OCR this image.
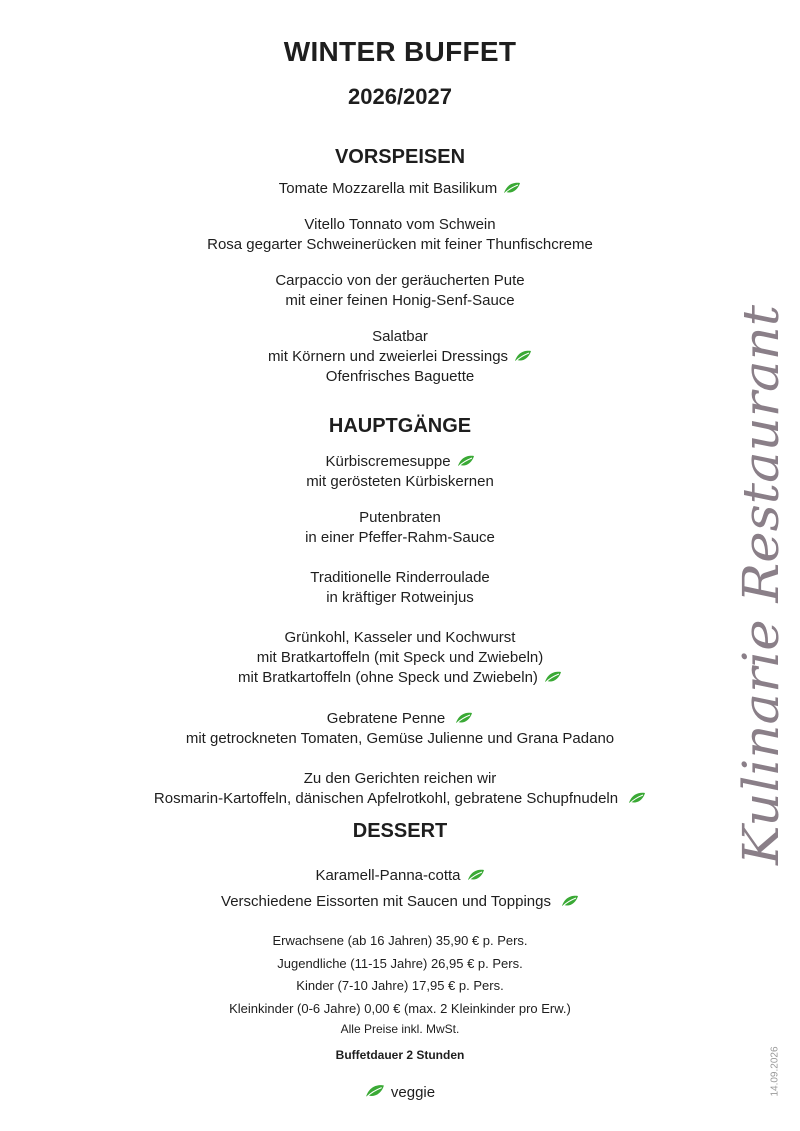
WINTER BUFFET
2026/2027
VORSPEISEN
Tomate Mozzarella mit Basilikum
Vitello Tonnato vom Schwein
Rosa gegarter Schweinerücken mit feiner Thunfischcreme
Carpaccio von der geräucherten Pute
mit einer feinen Honig-Senf-Sauce
Salatbar
mit Körnern und zweierlei Dressings
Ofenfrisches Baguette
HAUPTGÄNGE
Kürbiscremesuppe
mit gerösteten Kürbiskernen
Putenbraten
in einer Pfeffer-Rahm-Sauce
Traditionelle Rinderroulade
in kräftiger Rotweinjus
Grünkohl, Kasseler und Kochwurst
mit Bratkartoffeln (mit Speck und Zwiebeln)
mit Bratkartoffeln (ohne Speck und Zwiebeln)
Gebratene Penne
mit getrockneten Tomaten, Gemüse Julienne und Grana Padano
Zu den Gerichten reichen wir
Rosmarin-Kartoffeln, dänischen Apfelrotkohl, gebratene Schupfnudeln
DESSERT
Karamell-Panna-cotta
Verschiedene Eissorten mit Saucen und Toppings
Erwachsene (ab 16 Jahren) 35,90 € p. Pers.
Jugendliche (11-15 Jahre) 26,95 € p. Pers.
Kinder (7-10 Jahre) 17,95 € p. Pers.
Kleinkinder (0-6 Jahre) 0,00 € (max. 2 Kleinkinder pro Erw.)
Alle Preise inkl. MwSt.
Buffetdauer 2 Stunden
veggie
Kulinarie Restaurant
14.09.2026
